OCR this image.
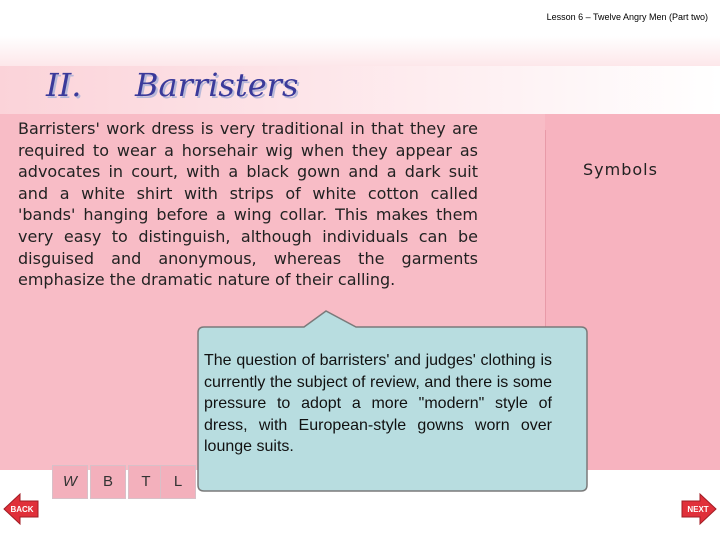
Lesson 6 – Twelve Angry Men (Part two)
II. Barristers
Barristers' work dress is very traditional in that they are required to wear a horsehair wig when they appear as advocates in court, with a black gown and a dark suit and a white shirt with strips of white cotton called 'bands' hanging before a wing collar. This makes them very easy to distinguish, although individuals can be disguised and anonymous, whereas the garments emphasize the dramatic nature of their calling.
Symbols
W	B	T	L
BACK	NEXT
The question of barristers' and judges' clothing is currently the subject of review, and there is some pressure to adopt a more "modern" style of dress, with European-style gowns worn over lounge suits.
